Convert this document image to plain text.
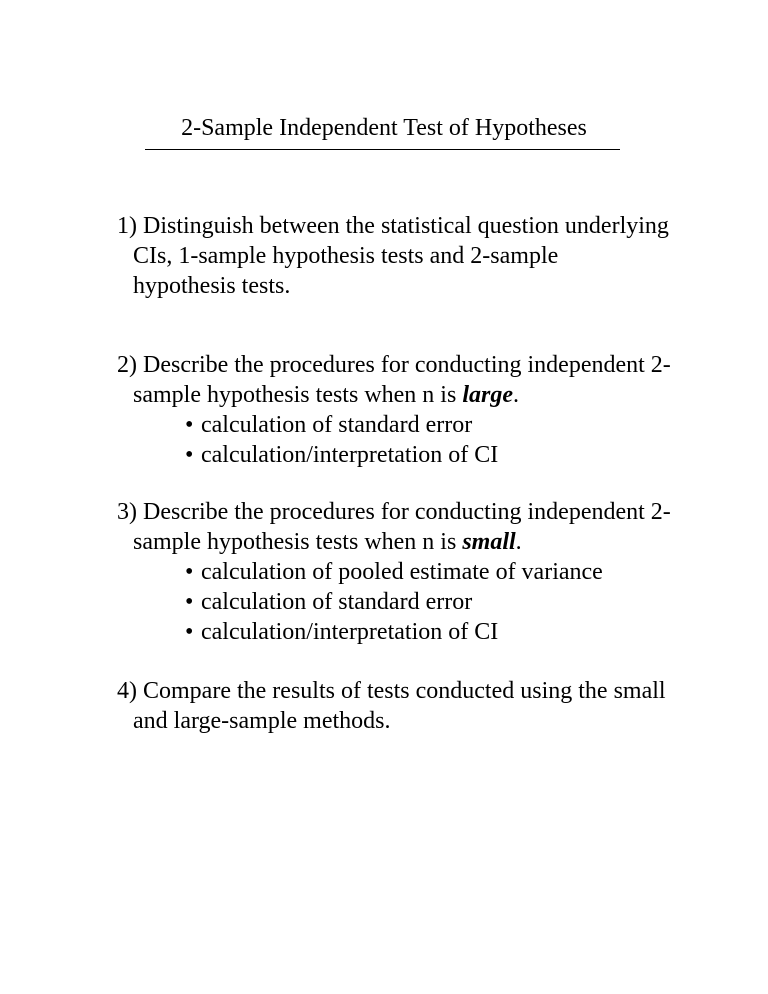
2-Sample Independent Test of Hypotheses
1) Distinguish between the statistical question underlying
CIs, 1-sample hypothesis tests and 2-sample
hypothesis tests.
2) Describe the procedures for conducting independent 2-
sample hypothesis tests when n is large.
• calculation of standard error
• calculation/interpretation of CI
3) Describe the procedures for conducting independent 2-
sample hypothesis tests when n is small.
• calculation of pooled estimate of variance
• calculation of standard error
• calculation/interpretation of CI
4) Compare the results of tests conducted using the small
and large-sample methods.
